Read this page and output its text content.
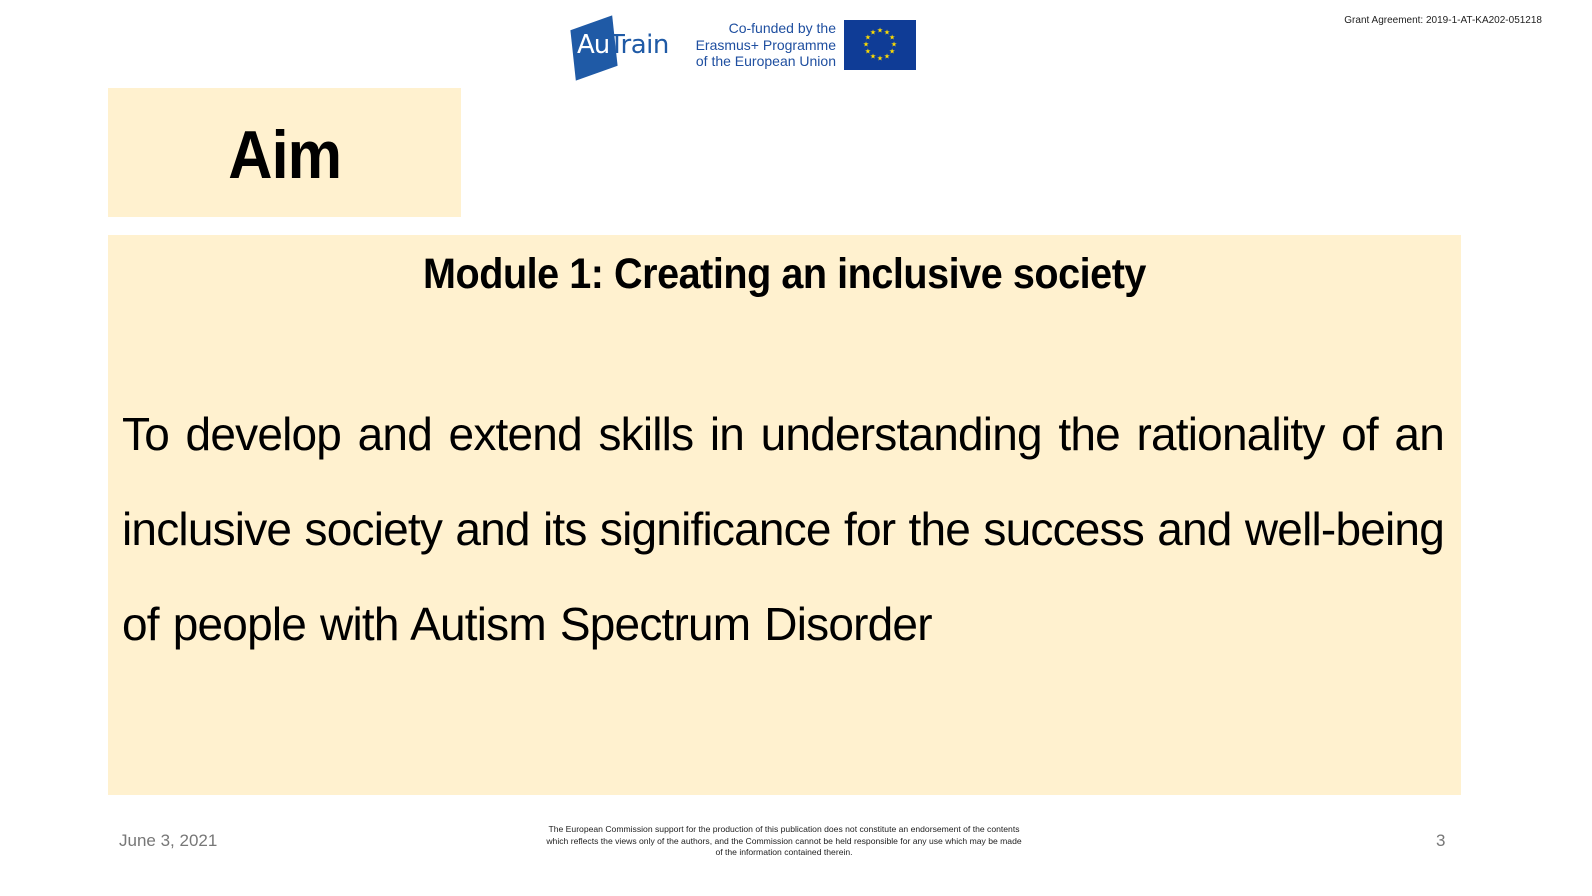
Au Train
Co-funded by the
Erasmus+ Programme
of the European Union
★ ★
★
★
★
★
★
★
★
★
★
★
Grant Agreement: 2019-1-AT-KA202-051218
Aim
Module 1: Creating an inclusive society
To develop and extend skills in understanding the rationality of an
inclusive society and its significance for the success and well-being
of people with Autism Spectrum Disorder
June 3, 2021
The European Commission support for the production of this publication does not constitute an endorsement of the contents
which reflects the views only of the authors, and the Commission cannot be held responsible for any use which may be made
of the information contained therein.
3
